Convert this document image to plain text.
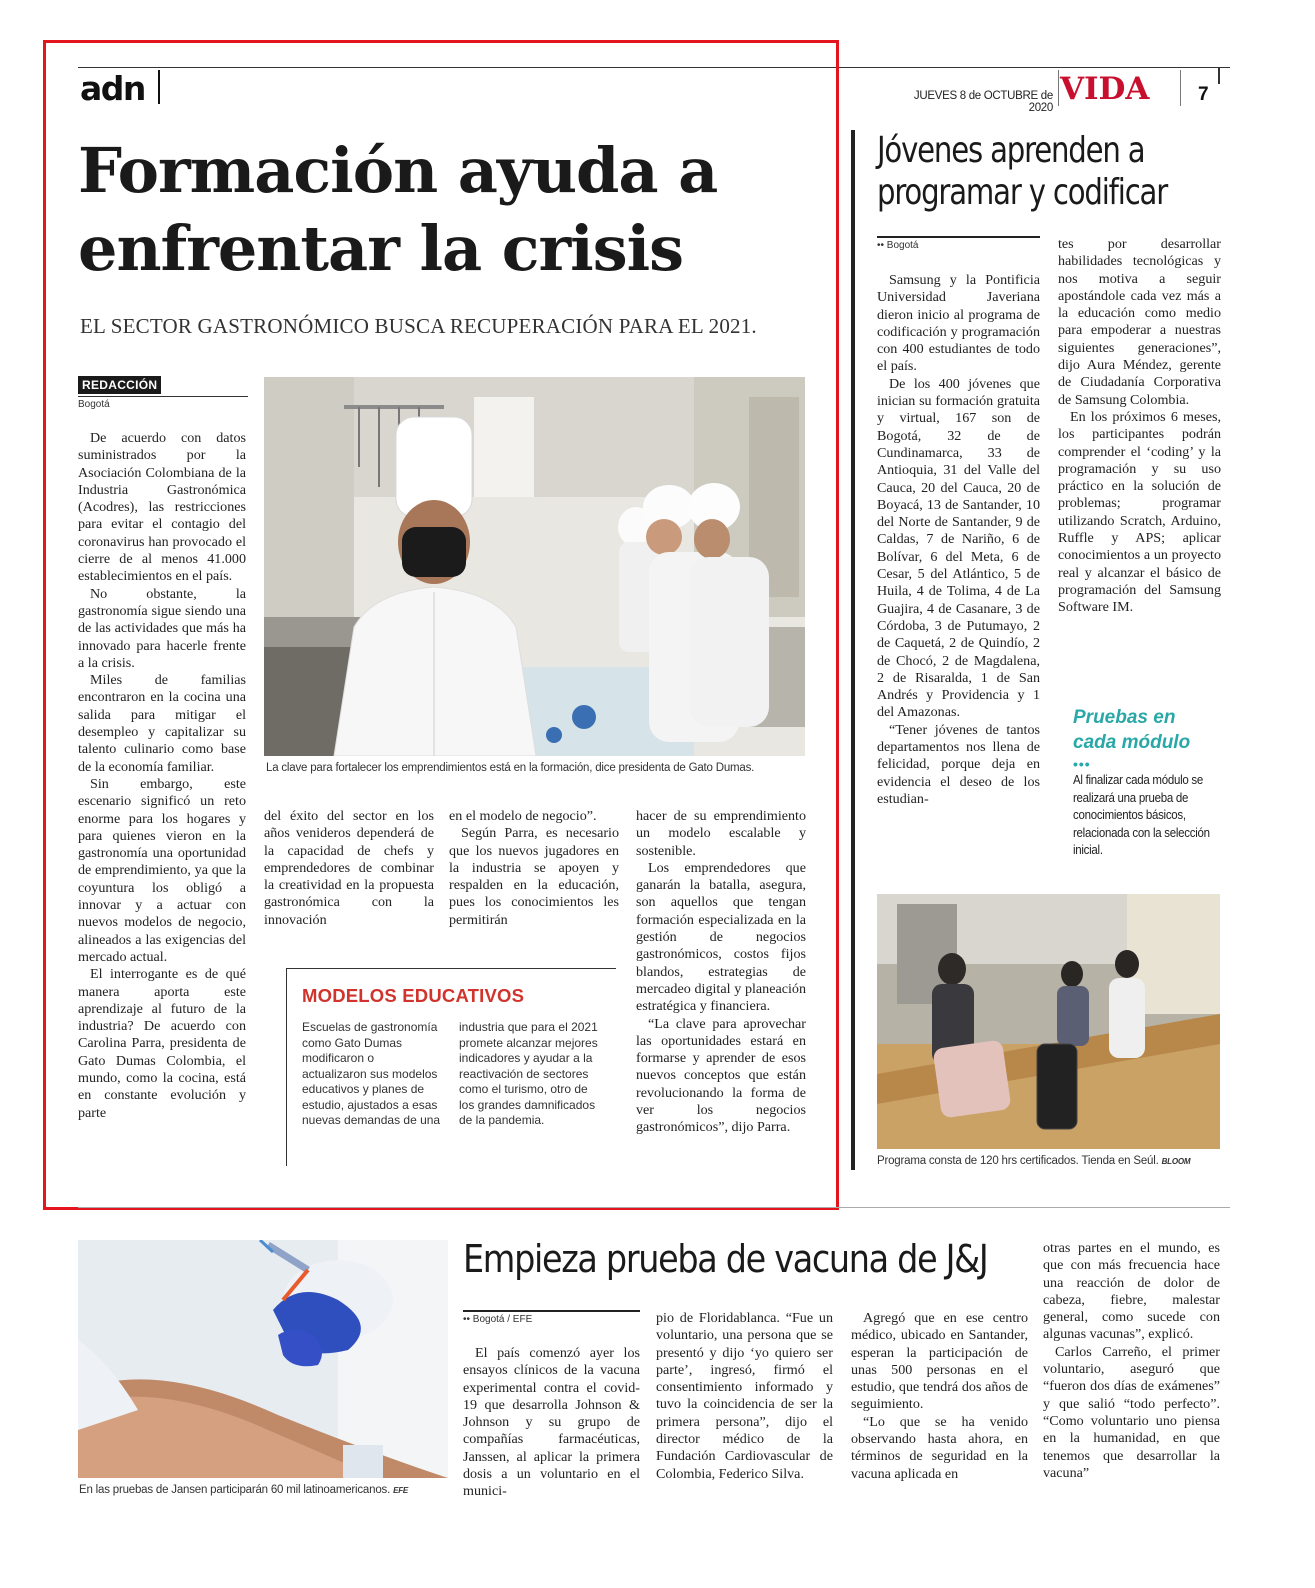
adn	JUEVES 8 de OCTUBRE de 2020
VIDA	7
Formación ayuda a
enfrentar la crisis
EL SECTOR GASTRONÓMICO BUSCA RECUPERACIÓN PARA EL 2021.
REDACCIÓN
Bogotá
La clave para fortalecer los emprendimientos está en la formación, dice presidenta de Gato Dumas.

De acuerdo con datos suministrados por la Asociación Colombiana de la Industria Gastronómica (Acodres), las restricciones para evitar el contagio del coronavirus han provocado el cierre de al menos 41.000 establecimientos en el país.

No obstante, la gastronomía sigue siendo una de las actividades que más ha innovado para hacerle frente a la crisis.

Miles de familias encontraron en la cocina una salida para mitigar el desempleo y capitalizar su talento culinario como base de la economía familiar.

Sin embargo, este escenario significó un reto enorme para los hogares y para quienes vieron en la gastronomía una oportunidad de emprendimiento, ya que la coyuntura los obligó a innovar y a actuar con nuevos modelos de negocio, alineados a las exigencias del mercado actual.

El interrogante es de qué manera aporta este aprendizaje al futuro de la industria? De acuerdo con Carolina Parra, presidenta de Gato Dumas Colombia, el mundo, como la cocina, está en constante evolución y parte

del éxito del sector en los años venideros dependerá de la capacidad de chefs y emprendedores de combinar la creatividad en la propuesta gastronómica con la innovación

en el modelo de negocio”.

Según Parra, es necesario que los nuevos jugadores en la industria se apoyen y respalden en la educación, pues los conocimientos les permitirán

hacer de su emprendimiento un modelo escalable y sostenible.

Los emprendedores que ganarán la batalla, asegura, son aquellos que tengan formación especializada en la gestión de negocios gastronómicos, costos fijos blandos, estrategias de mercadeo digital y planeación estratégica y financiera.

“La clave para aprovechar las oportunidades estará en formarse y aprender de esos nuevos conceptos que están revolucionando la forma de ver los negocios gastronómicos”, dijo Parra.

MODELOS EDUCATIVOS
Escuelas de gastronomía como Gato Dumas modificaron o actualizaron sus modelos educativos y planes de estudio, ajustados a esas nuevas demandas de una
industria que para el 2021 promete alcanzar mejores indicadores y ayudar a la reactivación de sectores como el turismo, otro de los grandes damnificados de la pandemia.
Jóvenes aprenden a
programar y codificar
•• Bogotá

Samsung y la Pontificia Universidad Javeriana dieron inicio al programa de codificación y programación con 400 estudiantes de todo el país.

De los 400 jóvenes que inician su formación gratuita y virtual, 167 son de Bogotá, 32 de de Cundinamarca, 33 de Antioquia, 31 del Valle del Cauca, 20 del Cauca, 20 de Boyacá, 13 de Santander, 10 del Norte de Santander, 9 de Caldas, 7 de Nariño, 6 de Bolívar, 6 del Meta, 6 de Cesar, 5 del Atlántico, 5 de Huila, 4 de Tolima, 4 de La Guajira, 4 de Casanare, 3 de Córdoba, 3 de Putumayo, 2 de Caquetá, 2 de Quindío, 2 de Chocó, 2 de Magdalena, 2 de Risaralda, 1 de San Andrés y Providencia y 1 del Amazonas.

“Tener jóvenes de tantos departamentos nos llena de felicidad, porque deja en evidencia el deseo de los estudian-

tes por desarrollar habilidades tecnológicas y nos motiva a seguir apostándole cada vez más a la educación como medio para empoderar a nuestras siguientes generaciones”, dijo Aura Méndez, gerente de Ciudadanía Corporativa de Samsung Colombia.

En los próximos 6 meses, los participantes podrán comprender el ‘coding’ y la programación y su uso práctico en la solución de problemas; programar utilizando Scratch, Arduino, Ruffle y APS; aplicar conocimientos a un proyecto real y alcanzar el básico de programación del Samsung Software IM.

Pruebas en
cada módulo
•••
Al finalizar cada módulo se realizará una prueba de conocimientos básicos, relacionada con la selección inicial.
Programa consta de 120 hrs certificados. Tienda en Seúl. BLOOM
En las pruebas de Jansen participarán 60 mil latinoamericanos. EFE
Empieza prueba de vacuna de J&J
•• Bogotá / EFE

El país comenzó ayer los ensayos clínicos de la vacuna experimental contra el covid-19 que desarrolla Johnson & Johnson y su grupo de compañías farmacéuticas, Janssen, al aplicar la primera dosis a un voluntario en el munici-

pio de Floridablanca. “Fue un voluntario, una persona que se presentó y dijo ‘yo quiero ser parte’, ingresó, firmó el consentimiento informado y tuvo la coincidencia de ser la primera persona”, dijo el director médico de la Fundación Cardiovascular de Colombia, Federico Silva.

Agregó que en ese centro médico, ubicado en Santander, esperan la participación de unas 500 personas en el estudio, que tendrá dos años de seguimiento.

“Lo que se ha venido observando hasta ahora, en términos de seguridad en la vacuna aplicada en

otras partes en el mundo, es que con más frecuencia hace una reacción de dolor de cabeza, fiebre, malestar general, como sucede con algunas vacunas”, explicó.

Carlos Carreño, el primer voluntario, aseguró que “fueron dos días de exámenes” y que salió “todo perfecto”. “Como voluntario uno piensa en la humanidad, en que tenemos que desarrollar la vacuna”
